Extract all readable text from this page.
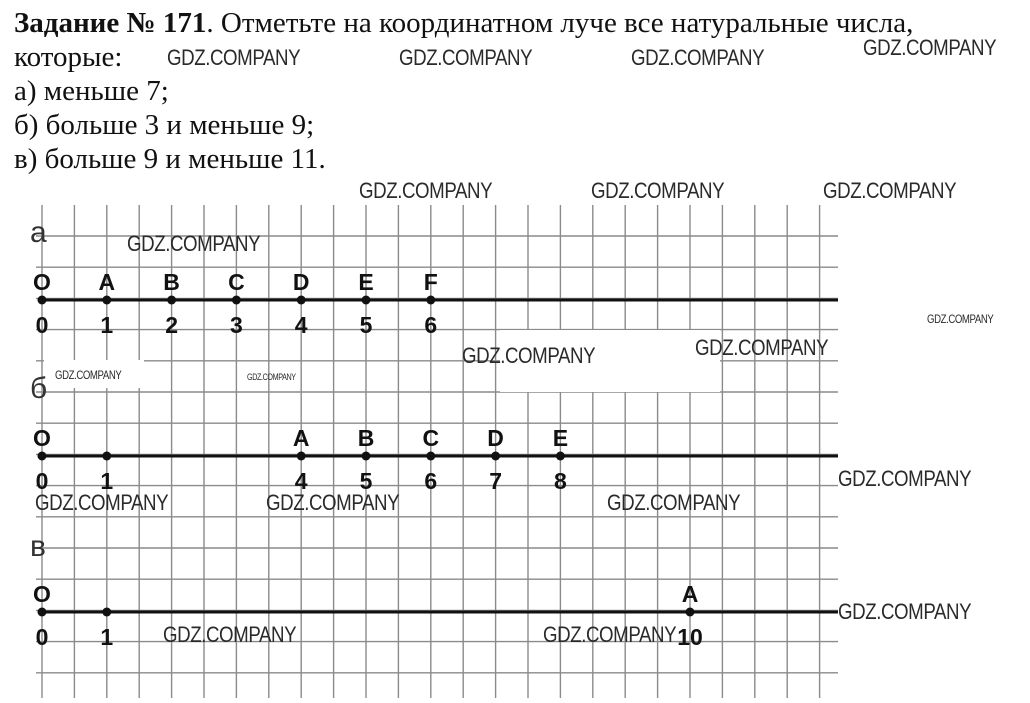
Задание № 171. Отметьте на координатном луче все натуральные числа,

которые:

а) меньше 7;

б) больше 3 и меньше 9;

в) больше 9 и меньше 11.

а
O
0
A
1
B
2
C
3
D
4
E
5
F
6
б
O
0 1
A
4
B
5
C
6
D
7
E
8
в
O
0 1
A
10
GDZ.COMPANY	GDZ.COMPANY	GDZ.COMPANY	GDZ.COMPANY
GDZ.COMPANY	GDZ.COMPANY	GDZ.COMPANY
GDZ.COMPANY
GDZ.COMPANY
GDZ.COMPANY	GDZ.COMPANY
GDZ.COMPANY	GDZ.COMPANY
GDZ.COMPANY
GDZ.COMPANY	GDZ.COMPANY	GDZ.COMPANY
GDZ.COMPANY
GDZ.COMPANY	GDZ.COMPANY
